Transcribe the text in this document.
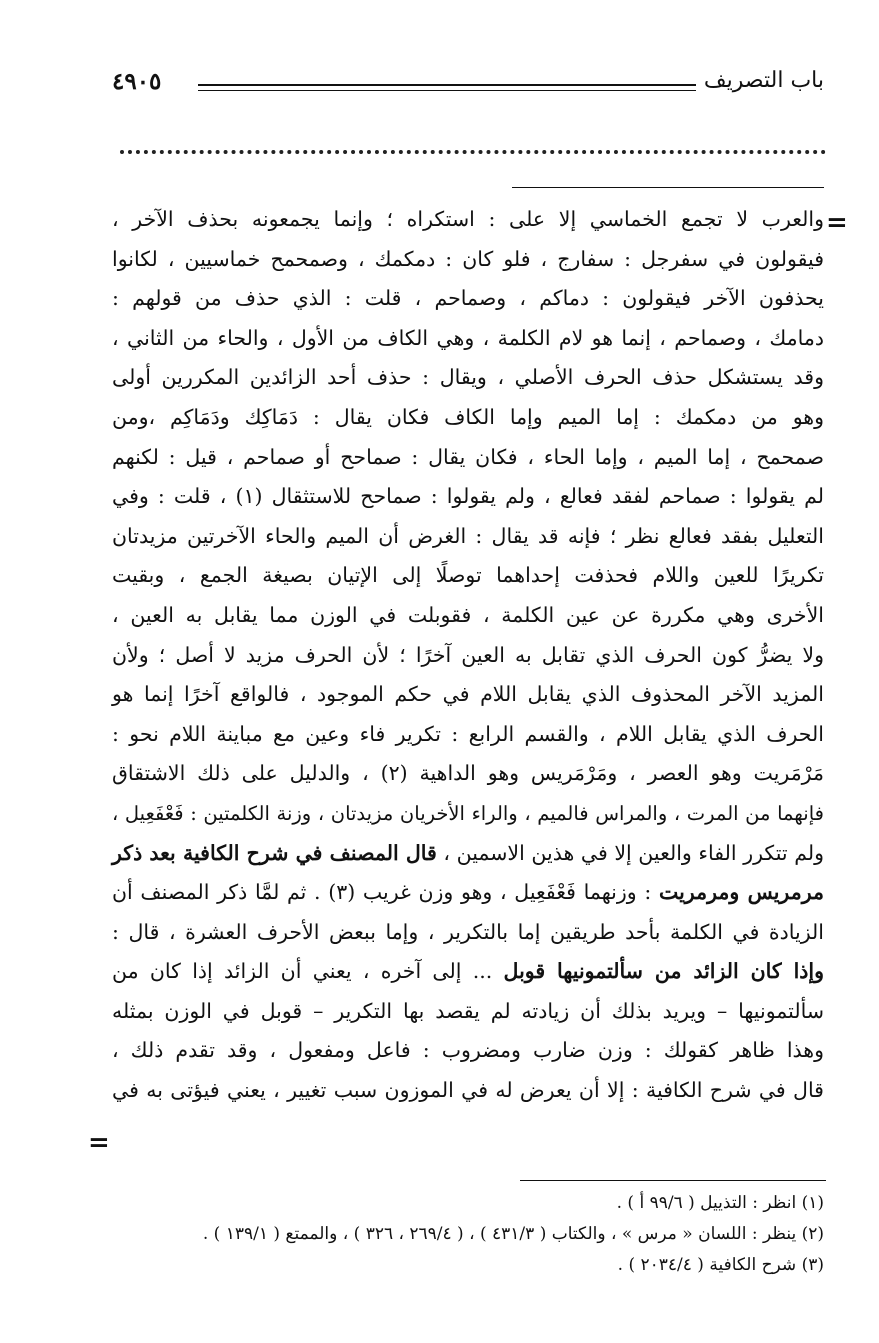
باب التصريف
٤٩٠٥
=
والعرب لا تجمع الخماسي إلا على : استكراه ؛ وإنما يجمعونه بحذف الآخر ،
فيقولون في سفرجل : سفارج ، فلو كان : دمكمك ، وصمحمح خماسيين ، لكانوا
يحذفون الآخر فيقولون : دماكم ، وصماحم ، قلت : الذي حذف من قولهم :
دمامك ، وصماحم ، إنما هو لام الكلمة ، وهي الكاف من الأول ، والحاء من الثاني ،
وقد يستشكل حذف الحرف الأصلي ، ويقال : حذف أحد الزائدين المكررين أولى
وهو من دمكمك : إما الميم وإما الكاف فكان يقال : دَمَاكِك ودَمَاكِم ،ومن
صمحمح ، إما الميم ، وإما الحاء ، فكان يقال : صماحح أو صماحم ، قيل : لكنهم
لم يقولوا : صماحم لفقد فعالع ، ولم يقولوا : صماحح للاستثقال (١) ، قلت : وفي
التعليل بفقد فعالع نظر ؛ فإنه قد يقال : الغرض أن الميم والحاء الآخرتين مزيدتان
تكريرًا للعين واللام فحذفت إحداهما توصلًا إلى الإتيان بصيغة الجمع ، وبقيت
الأخرى وهي مكررة عن عين الكلمة ، فقوبلت في الوزن مما يقابل به العين ،
ولا يضرُّ كون الحرف الذي تقابل به العين آخرًا ؛ لأن الحرف مزيد لا أصل ؛ ولأن
المزيد الآخر المحذوف الذي يقابل اللام في حكم الموجود ، فالواقع آخرًا إنما هو
الحرف الذي يقابل اللام ، والقسم الرابع : تكرير فاء وعين مع مباينة اللام نحو :
مَرْمَريت وهو العصر ، ومَرْمَريس وهو الداهية (٢) ، والدليل على ذلك الاشتقاق
فإنهما من المرت ، والمراس فالميم ، والراء الأخريان مزيدتان ، وزنة الكلمتين : فَعْفَعِيل ،
ولم تتكرر الفاء والعين إلا في هذين الاسمين ، قال المصنف في شرح الكافية بعد ذكر
مرمريس ومرمريت : وزنهما فَعْفَعِيل ، وهو وزن غريب (٣) . ثم لمَّا ذكر المصنف أن
الزيادة في الكلمة بأحد طريقين إما بالتكرير ، وإما ببعض الأحرف العشرة ، قال :
وإذا كان الزائد من سألتمونيها قوبل ... إلى آخره ، يعني أن الزائد إذا كان من
سألتمونيها – ويريد بذلك أن زيادته لم يقصد بها التكرير – قوبل في الوزن بمثله
وهذا ظاهر كقولك : وزن ضارب ومضروب : فاعل ومفعول ، وقد تقدم ذلك ،
قال في شرح الكافية : إلا أن يعرض له في الموزون سبب تغيير ، يعني فيؤتى به في
=
(١) انظر : التذييل ( ٩٩/٦ أ ) .
(٢) ينظر : اللسان « مرس » ، والكتاب ( ٤٣١/٣ ) ، ( ٢٦٩/٤ ، ٣٢٦ ) ، والممتع ( ١٣٩/١ ) .
(٣) شرح الكافية ( ٢٠٣٤/٤ ) .
